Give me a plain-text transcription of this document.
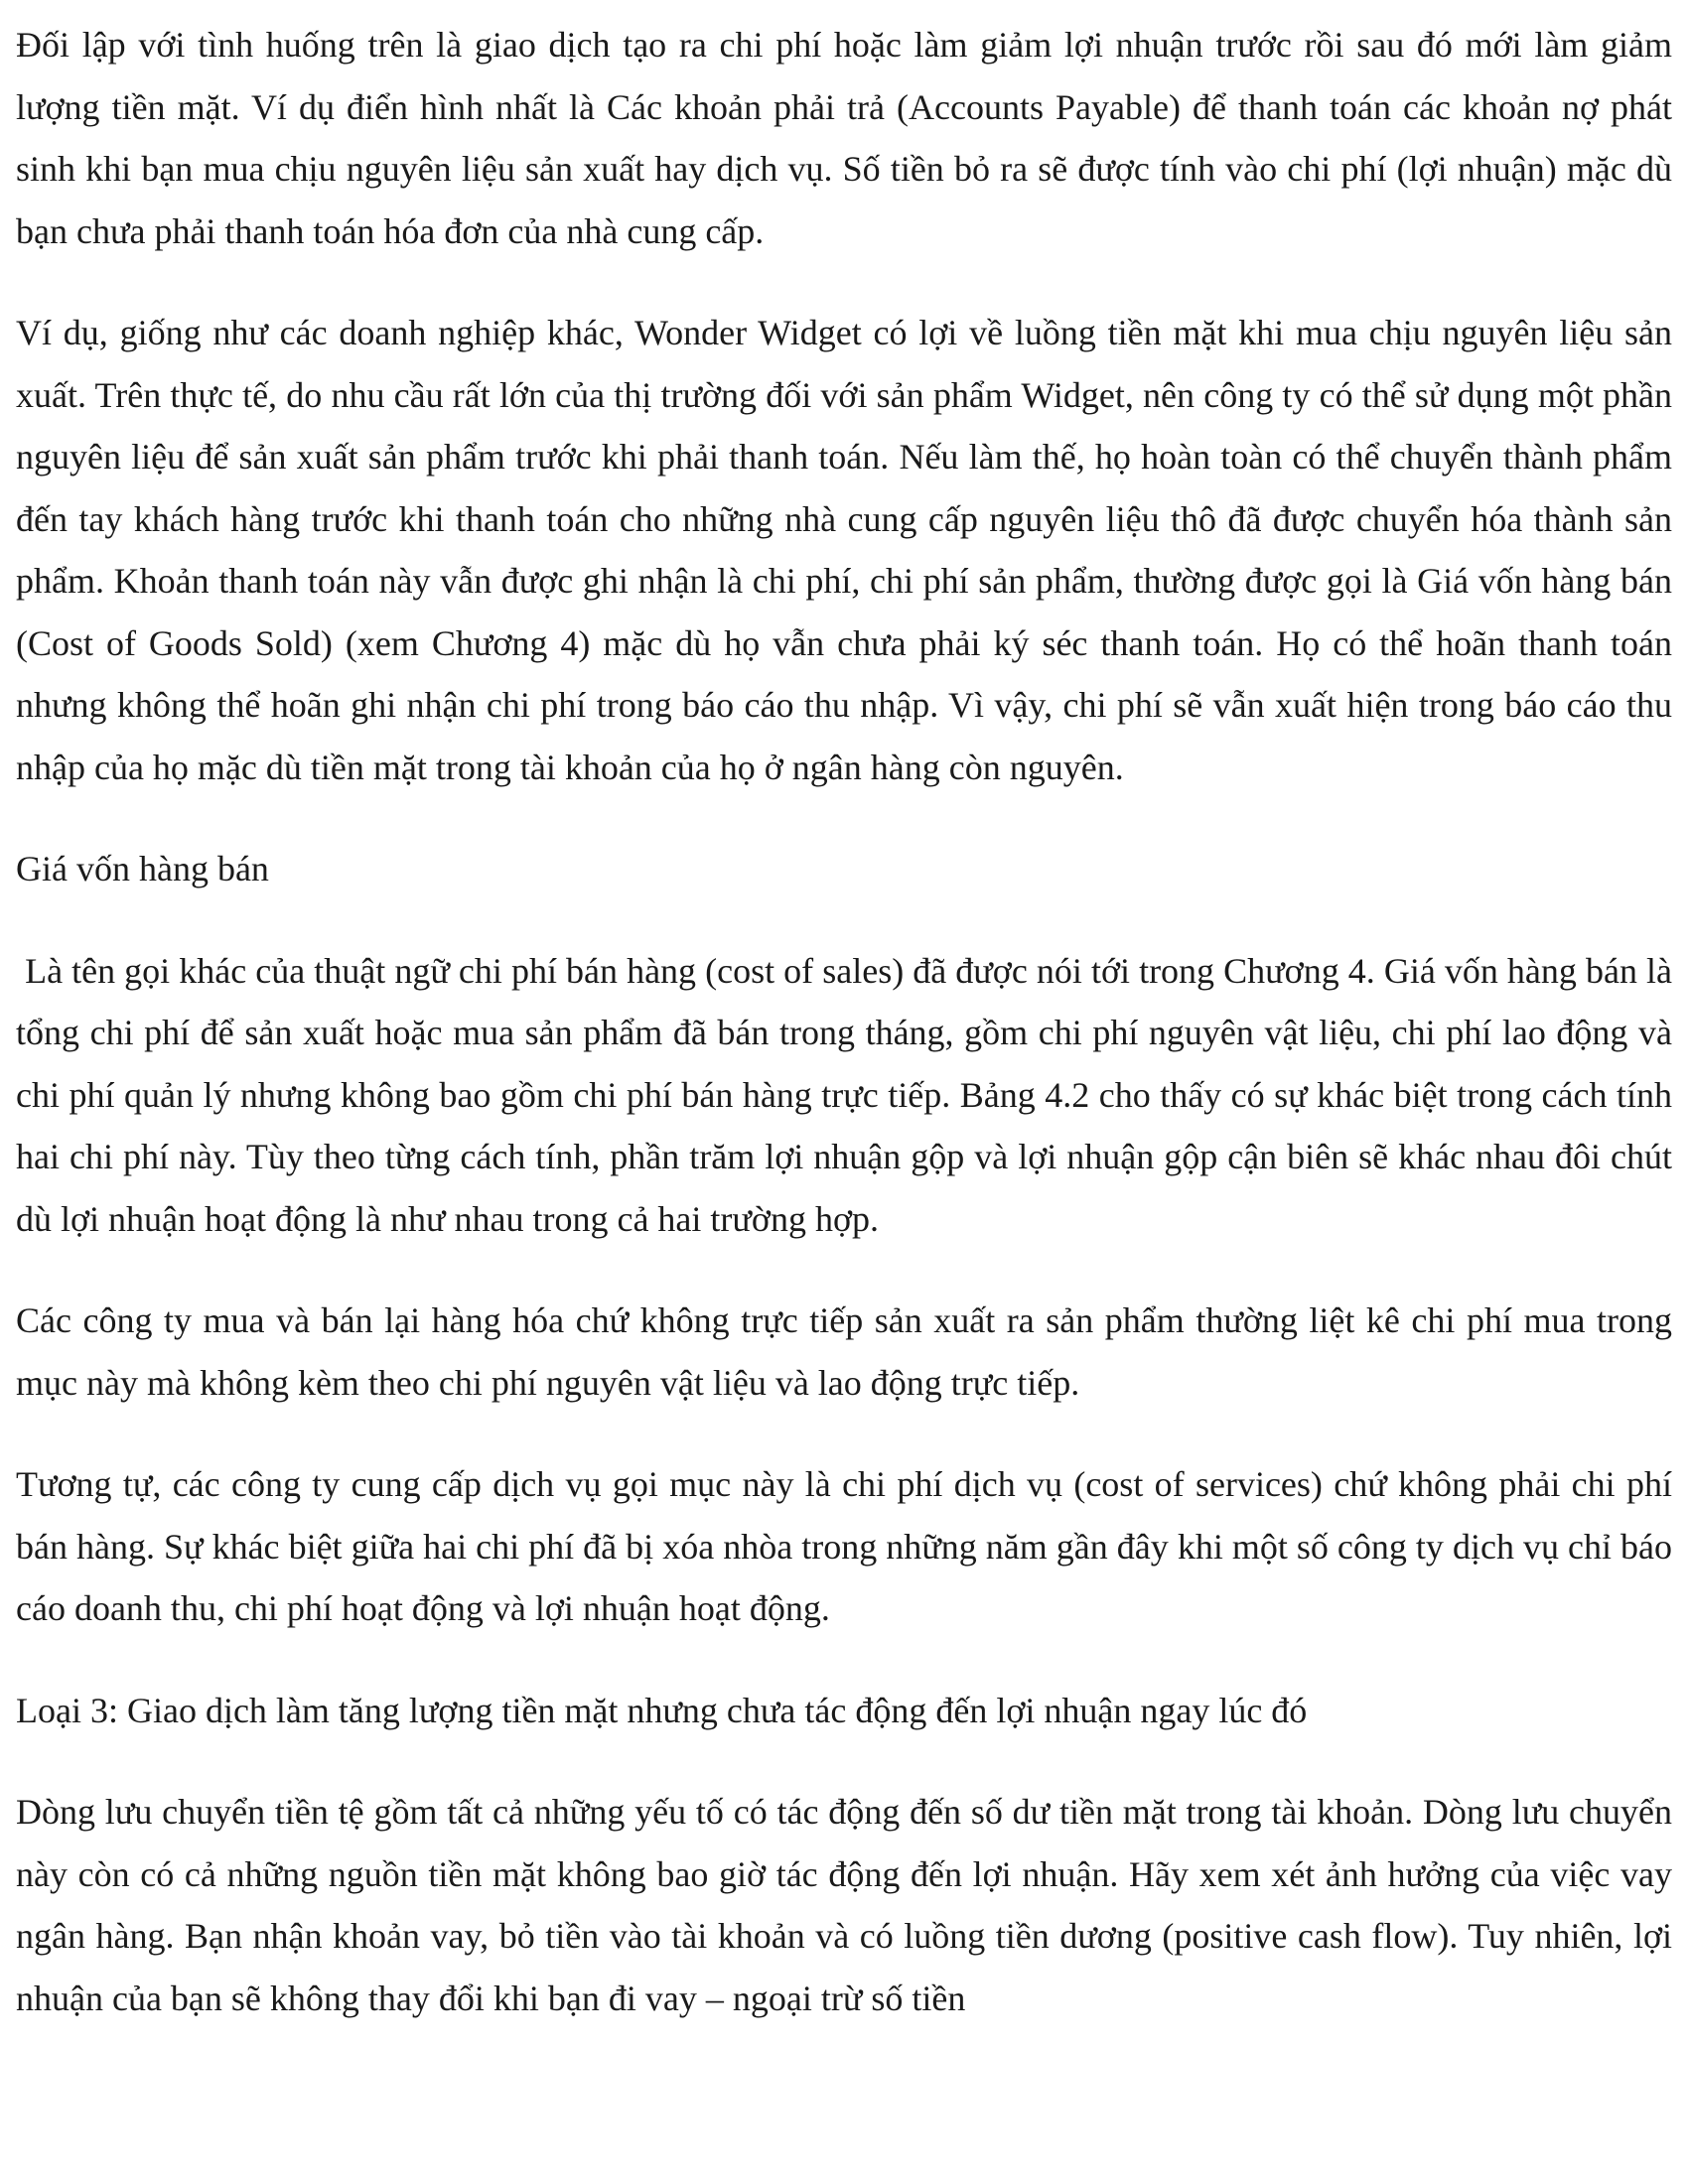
Đối lập với tình huống trên là giao dịch tạo ra chi phí hoặc làm giảm lợi nhuận trước rồi sau đó mới làm giảm lượng tiền mặt. Ví dụ điển hình nhất là Các khoản phải trả (Accounts Payable) để thanh toán các khoản nợ phát sinh khi bạn mua chịu nguyên liệu sản xuất hay dịch vụ. Số tiền bỏ ra sẽ được tính vào chi phí (lợi nhuận) mặc dù bạn chưa phải thanh toán hóa đơn của nhà cung cấp.

Ví dụ, giống như các doanh nghiệp khác, Wonder Widget có lợi về luồng tiền mặt khi mua chịu nguyên liệu sản xuất. Trên thực tế, do nhu cầu rất lớn của thị trường đối với sản phẩm Widget, nên công ty có thể sử dụng một phần nguyên liệu để sản xuất sản phẩm trước khi phải thanh toán. Nếu làm thế, họ hoàn toàn có thể chuyển thành phẩm đến tay khách hàng trước khi thanh toán cho những nhà cung cấp nguyên liệu thô đã được chuyển hóa thành sản phẩm. Khoản thanh toán này vẫn được ghi nhận là chi phí, chi phí sản phẩm, thường được gọi là Giá vốn hàng bán (Cost of Goods Sold) (xem Chương 4) mặc dù họ vẫn chưa phải ký séc thanh toán. Họ có thể hoãn thanh toán nhưng không thể hoãn ghi nhận chi phí trong báo cáo thu nhập. Vì vậy, chi phí sẽ vẫn xuất hiện trong báo cáo thu nhập của họ mặc dù tiền mặt trong tài khoản của họ ở ngân hàng còn nguyên.

Giá vốn hàng bán

Là tên gọi khác của thuật ngữ chi phí bán hàng (cost of sales) đã được nói tới trong Chương 4. Giá vốn hàng bán là tổng chi phí để sản xuất hoặc mua sản phẩm đã bán trong tháng, gồm chi phí nguyên vật liệu, chi phí lao động và chi phí quản lý nhưng không bao gồm chi phí bán hàng trực tiếp. Bảng 4.2 cho thấy có sự khác biệt trong cách tính hai chi phí này. Tùy theo từng cách tính, phần trăm lợi nhuận gộp và lợi nhuận gộp cận biên sẽ khác nhau đôi chút dù lợi nhuận hoạt động là như nhau trong cả hai trường hợp.

Các công ty mua và bán lại hàng hóa chứ không trực tiếp sản xuất ra sản phẩm thường liệt kê chi phí mua trong mục này mà không kèm theo chi phí nguyên vật liệu và lao động trực tiếp.

Tương tự, các công ty cung cấp dịch vụ gọi mục này là chi phí dịch vụ (cost of services) chứ không phải chi phí bán hàng. Sự khác biệt giữa hai chi phí đã bị xóa nhòa trong những năm gần đây khi một số công ty dịch vụ chỉ báo cáo doanh thu, chi phí hoạt động và lợi nhuận hoạt động.

Loại 3: Giao dịch làm tăng lượng tiền mặt nhưng chưa tác động đến lợi nhuận ngay lúc đó

Dòng lưu chuyển tiền tệ gồm tất cả những yếu tố có tác động đến số dư tiền mặt trong tài khoản. Dòng lưu chuyển này còn có cả những nguồn tiền mặt không bao giờ tác động đến lợi nhuận. Hãy xem xét ảnh hưởng của việc vay ngân hàng. Bạn nhận khoản vay, bỏ tiền vào tài khoản và có luồng tiền dương (positive cash flow). Tuy nhiên, lợi nhuận của bạn sẽ không thay đổi khi bạn đi vay – ngoại trừ số tiền
